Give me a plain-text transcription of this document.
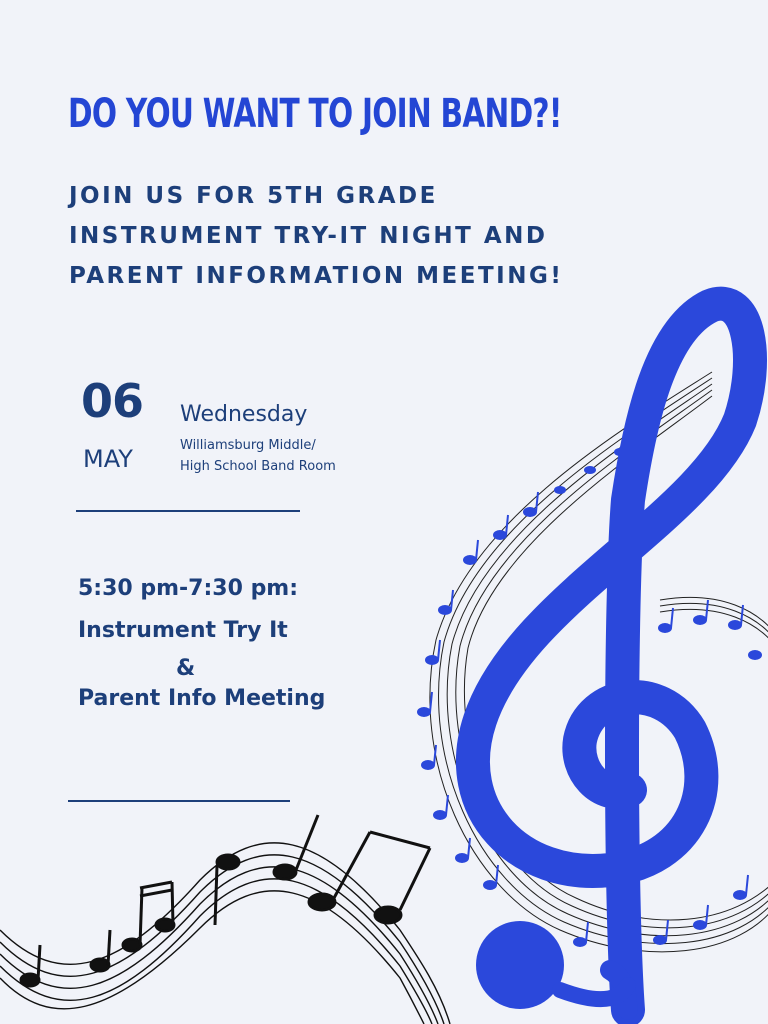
DO YOU WANT TO JOIN BAND?!
JOIN US FOR 5TH GRADE
INSTRUMENT TRY-IT NIGHT AND
PARENT INFORMATION MEETING!
06
MAY
Wednesday
Williamsburg Middle/
High School Band Room
5:30 pm-7:30 pm:
Instrument Try It
&
Parent Info Meeting
